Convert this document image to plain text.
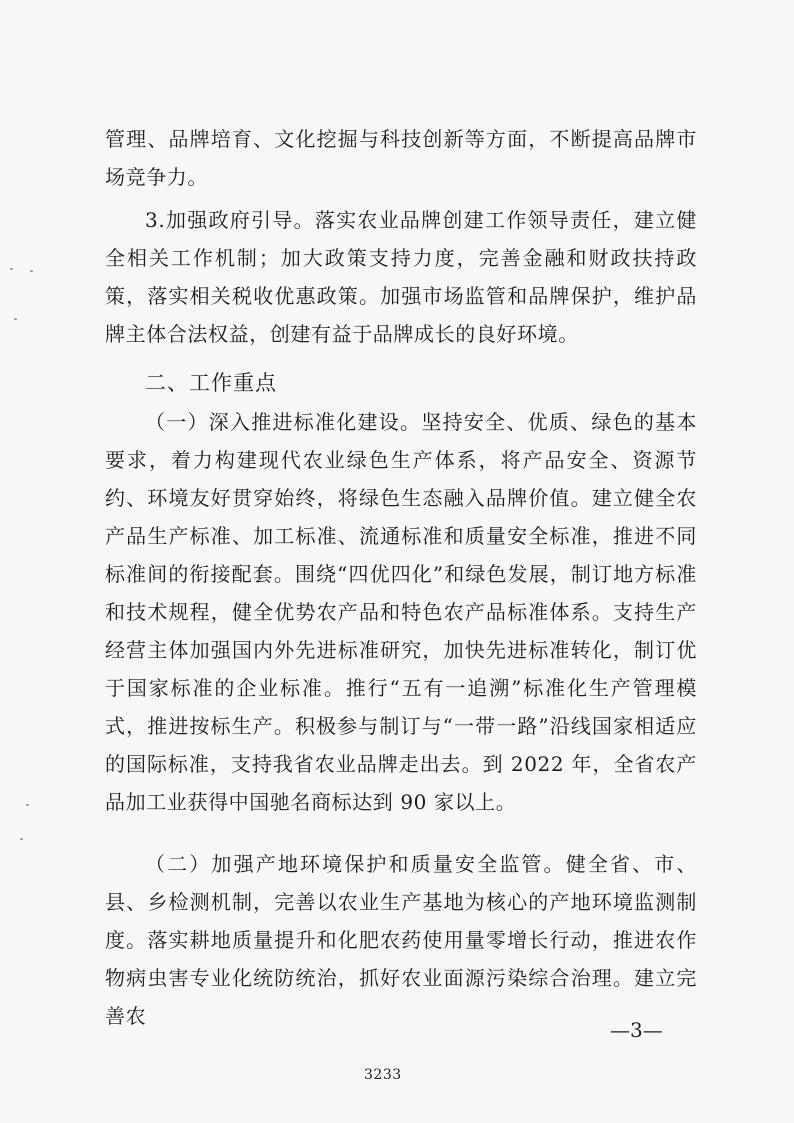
管理、品牌培育、文化挖掘与科技创新等方面，不断提高品牌市场竞争力。

3.加强政府引导。落实农业品牌创建工作领导责任，建立健全相关工作机制；加大政策支持力度，完善金融和财政扶持政策，落实相关税收优惠政策。加强市场监管和品牌保护，维护品牌主体合法权益，创建有益于品牌成长的良好环境。

二、工作重点

（一）深入推进标准化建设。坚持安全、优质、绿色的基本要求，着力构建现代农业绿色生产体系，将产品安全、资源节约、环境友好贯穿始终，将绿色生态融入品牌价值。建立健全农产品生产标准、加工标准、流通标准和质量安全标准，推进不同标准间的衔接配套。围绕“四优四化”和绿色发展，制订地方标准和技术规程，健全优势农产品和特色农产品标准体系。支持生产经营主体加强国内外先进标准研究，加快先进标准转化，制订优于国家标准的企业标准。推行“五有一追溯”标准化生产管理模式，推进按标生产。积极参与制订与“一带一路”沿线国家相适应的国际标准，支持我省农业品牌走出去。到 2022 年，全省农产品加工业获得中国驰名商标达到 90 家以上。

（二）加强产地环境保护和质量安全监管。健全省、市、县、乡检测机制，完善以农业生产基地为核心的产地环境监测制度。落实耕地质量提升和化肥农药使用量零增长行动，推进农作物病虫害专业化统防统治，抓好农业面源污染综合治理。建立完善农

—3—
3233
